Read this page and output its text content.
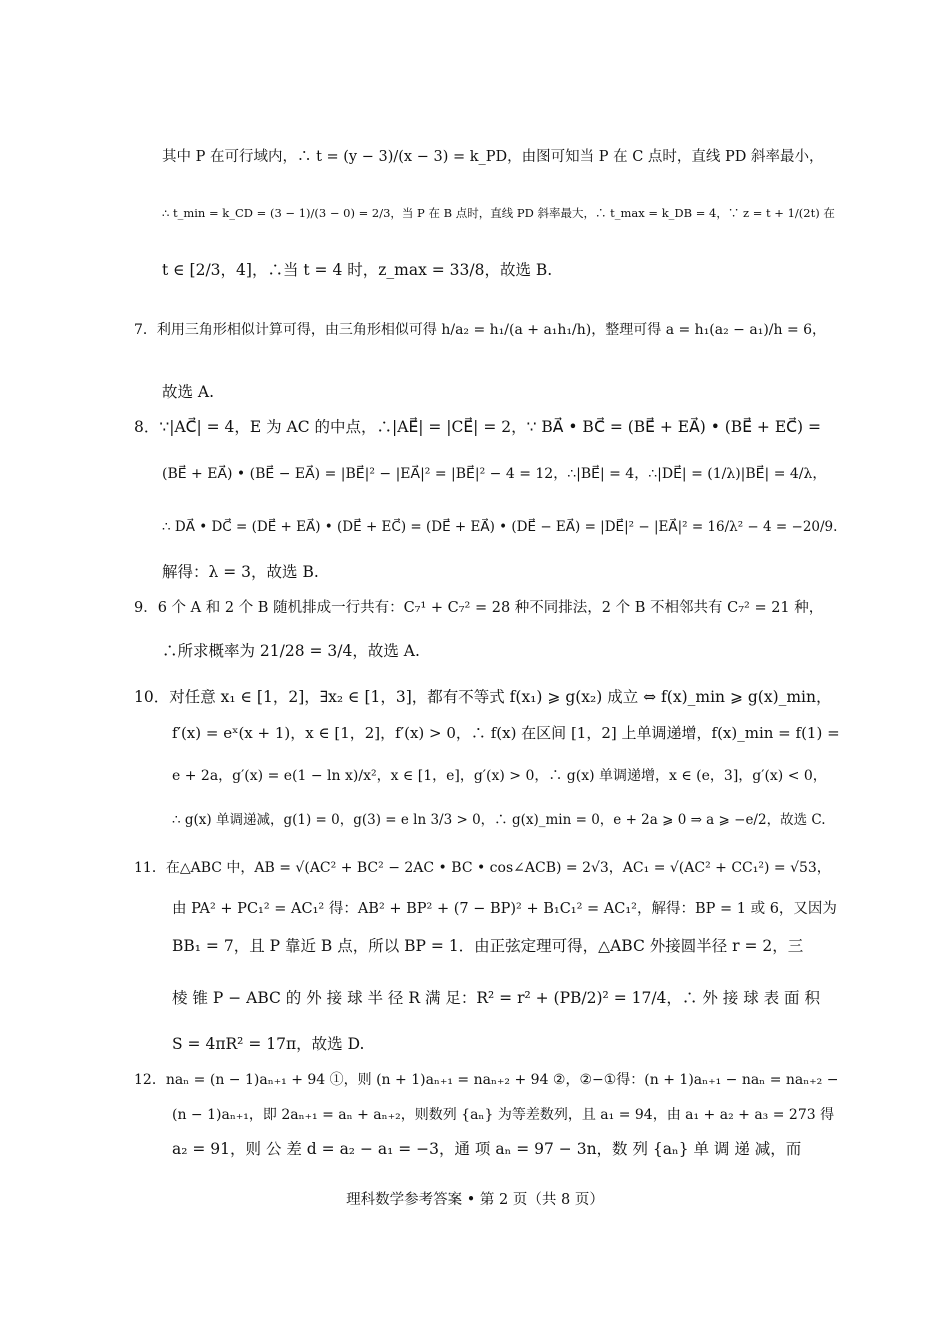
其中 P 在可行域内，∴ t = (y − 3)/(x − 3) = k_PD，由图可知当 P 在 C 点时，直线 PD 斜率最小，
∴ t_min = k_CD = (3 − 1)/(3 − 0) = 2/3，当 P 在 B 点时，直线 PD 斜率最大，∴ t_max = k_DB = 4，∵ z = t + 1/(2t) 在
t ∈ [2/3，4]，∴当 t = 4 时，z_max = 33/8，故选 B.
7．利用三角形相似计算可得，由三角形相似可得 h/a₂ = h₁/(a + a₁h₁/h)，整理可得 a = h₁(a₂ − a₁)/h = 6，
故选 A.
8．∵|AC⃗| = 4，E 为 AC 的中点，∴|AE⃗| = |CE⃗| = 2，∵ BA⃗ • BC⃗ = (BE⃗ + EA⃗) • (BE⃗ + EC⃗) =
(BE⃗ + EA⃗) • (BE⃗ − EA⃗) = |BE⃗|² − |EA⃗|² = |BE⃗|² − 4 = 12，∴|BE⃗| = 4，∴|DE⃗| = (1/λ)|BE⃗| = 4/λ，
∴ DA⃗ • DC⃗ = (DE⃗ + EA⃗) • (DE⃗ + EC⃗) = (DE⃗ + EA⃗) • (DE⃗ − EA⃗) = |DE⃗|² − |EA⃗|² = 16/λ² − 4 = −20/9.
解得：λ = 3，故选 B.
9．6 个 A 和 2 个 B 随机排成一行共有：C₇¹ + C₇² = 28 种不同排法，2 个 B 不相邻共有 C₇² = 21 种，
∴所求概率为 21/28 = 3/4，故选 A.
10．对任意 x₁ ∈ [1，2]，∃x₂ ∈ [1，3]，都有不等式 f(x₁) ⩾ g(x₂) 成立 ⇔ f(x)_min ⩾ g(x)_min，
f′(x) = eˣ(x + 1)，x ∈ [1，2]，f′(x) > 0，∴ f(x) 在区间 [1，2] 上单调递增，f(x)_min = f(1) =
e + 2a，g′(x) = e(1 − ln x)/x²，x ∈ [1，e]，g′(x) > 0，∴ g(x) 单调递增，x ∈ (e，3]，g′(x) < 0，
∴ g(x) 单调递减，g(1) = 0，g(3) = e ln 3/3 > 0，∴ g(x)_min = 0，e + 2a ⩾ 0 ⇒ a ⩾ −e/2，故选 C.
11．在△ABC 中，AB = √(AC² + BC² − 2AC • BC • cos∠ACB) = 2√3，AC₁ = √(AC² + CC₁²) = √53，
由 PA² + PC₁² = AC₁² 得：AB² + BP² + (7 − BP)² + B₁C₁² = AC₁²，解得：BP = 1 或 6，又因为
BB₁ = 7，且 P 靠近 B 点，所以 BP = 1．由正弦定理可得，△ABC 外接圆半径 r = 2，三
棱 锥 P − ABC 的 外 接 球 半 径 R 满 足：R² = r² + (PB/2)² = 17/4，∴ 外 接 球 表 面 积
S = 4πR² = 17π，故选 D.
12．naₙ = (n − 1)aₙ₊₁ + 94 ①，则 (n + 1)aₙ₊₁ = naₙ₊₂ + 94 ②，②−①得：(n + 1)aₙ₊₁ − naₙ = naₙ₊₂ −
(n − 1)aₙ₊₁，即 2aₙ₊₁ = aₙ + aₙ₊₂，则数列 {aₙ} 为等差数列，且 a₁ = 94，由 a₁ + a₂ + a₃ = 273 得
a₂ = 91，则 公 差 d = a₂ − a₁ = −3，通 项 aₙ = 97 − 3n，数 列 {aₙ} 单 调 递 减，而
理科数学参考答案 • 第 2 页（共 8 页）
